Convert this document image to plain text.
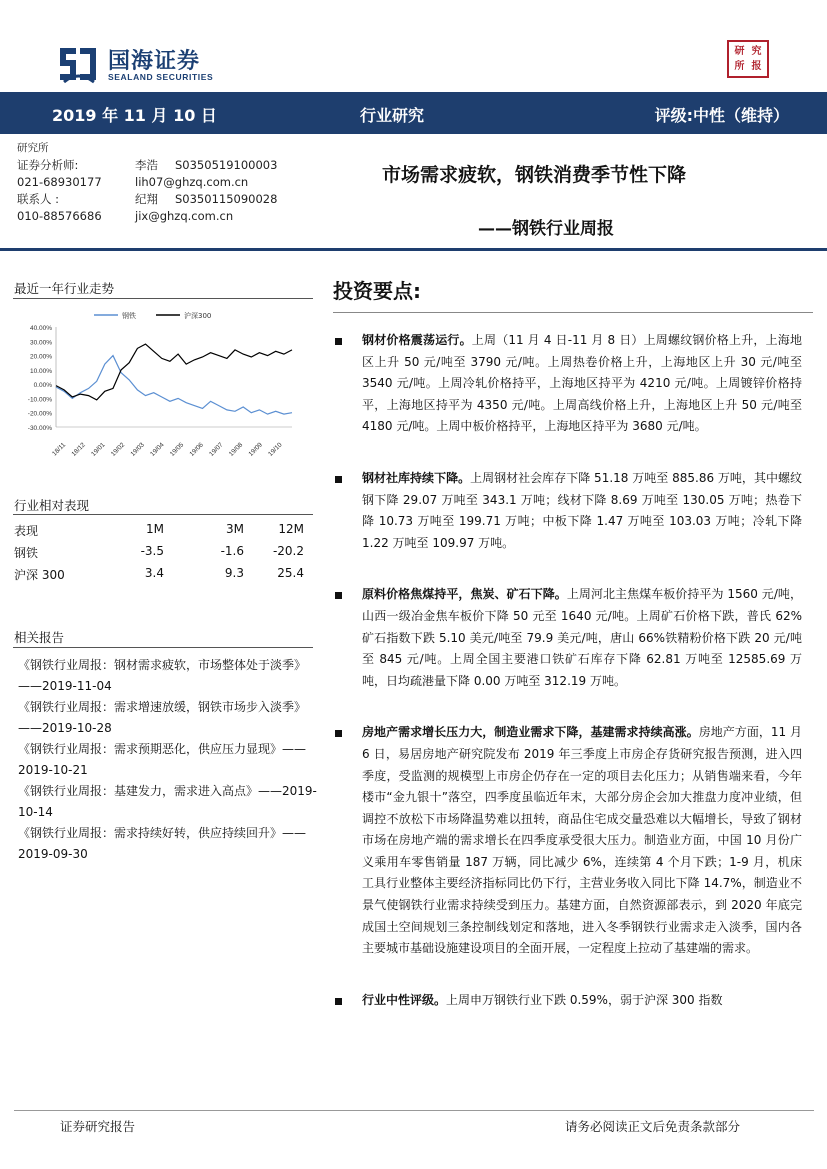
国海证券
SEALAND SECURITIES
研 究
所 报
2019 年 11 月 10 日	行业研究	评级:中性（维持）
研究所
证券分析师:	李浩 S0350519100003
021-68930177	lih07@ghzq.com.cn
联系人 :	纪翔 S0350115090028
010-88576686	jix@ghzq.com.cn
市场需求疲软，钢铁消费季节性下降
——钢铁行业周报
最近一年行业走势
40.00%
30.00%
20.00%
10.00%
0.00%
-10.00%
-20.00%
-30.00%
18/11 18/12 19/01 19/02 19/03 19/04 19/05 19/06 19/07 19/08 19/09 19/10
钢铁	沪深300
行业相对表现
表现	1M	3M	12M
钢铁	-3.5	-1.6	-20.2
沪深 300	3.4	9.3	25.4
相关报告
《钢铁行业周报：钢材需求疲软，市场整体处于淡季》——2019-11-04
《钢铁行业周报：需求增速放缓，钢铁市场步入淡季》——2019-10-28
《钢铁行业周报：需求预期恶化，供应压力显现》——2019-10-21
《钢铁行业周报：基建发力，需求进入高点》——2019-10-14
《钢铁行业周报：需求持续好转，供应持续回升》——2019-09-30
投资要点:
钢材价格震荡运行。上周（11 月 4 日-11 月 8 日）上周螺纹钢价格上升，上海地区上升 50 元/吨至 3790 元/吨。上周热卷价格上升，上海地区上升 30 元/吨至 3540 元/吨。上周冷轧价格持平，上海地区持平为 4210 元/吨。上周镀锌价格持平，上海地区持平为 4350 元/吨。上周高线价格上升，上海地区上升 50 元/吨至 4180 元/吨。上周中板价格持平，上海地区持平为 3680 元/吨。
钢材社库持续下降。上周钢材社会库存下降 51.18 万吨至 885.86 万吨，其中螺纹钢下降 29.07 万吨至 343.1 万吨；线材下降 8.69 万吨至 130.05 万吨；热卷下降 10.73 万吨至 199.71 万吨；中板下降 1.47 万吨至 103.03 万吨；冷轧下降 1.22 万吨至 109.97 万吨。
原料价格焦煤持平，焦炭、矿石下降。上周河北主焦煤车板价持平为 1560 元/吨，山西一级冶金焦车板价下降 50 元至 1640 元/吨。上周矿石价格下跌，普氏 62%矿石指数下跌 5.10 美元/吨至 79.9 美元/吨，唐山 66%铁精粉价格下跌 20 元/吨至 845 元/吨。上周全国主要港口铁矿石库存下降 62.81 万吨至 12585.69 万吨，日均疏港量下降 0.00 万吨至 312.19 万吨。
房地产需求增长压力大，制造业需求下降，基建需求持续高涨。房地产方面，11 月 6 日，易居房地产研究院发布 2019 年三季度上市房企存货研究报告预测，进入四季度，受监测的规模型上市房企仍存在一定的项目去化压力；从销售端来看，今年楼市“金九银十”落空，四季度虽临近年末，大部分房企会加大推盘力度冲业绩，但调控不放松下市场降温势难以扭转，商品住宅成交量恐难以大幅增长，导致了钢材市场在房地产端的需求增长在四季度承受很大压力。制造业方面，中国 10 月份广义乘用车零售销量 187 万辆，同比减少 6%，连续第 4 个月下跌；1-9 月，机床工具行业整体主要经济指标同比仍下行，主营业务收入同比下降 14.7%，制造业不景气使钢铁行业需求持续受到压力。基建方面，自然资源部表示，到 2020 年底完成国土空间规划三条控制线划定和落地，进入冬季钢铁行业需求走入淡季，国内各主要城市基础设施建设项目的全面开展，一定程度上拉动了基建端的需求。
行业中性评级。上周申万钢铁行业下跌 0.59%，弱于沪深 300 指数
证券研究报告	请务必阅读正文后免责条款部分
